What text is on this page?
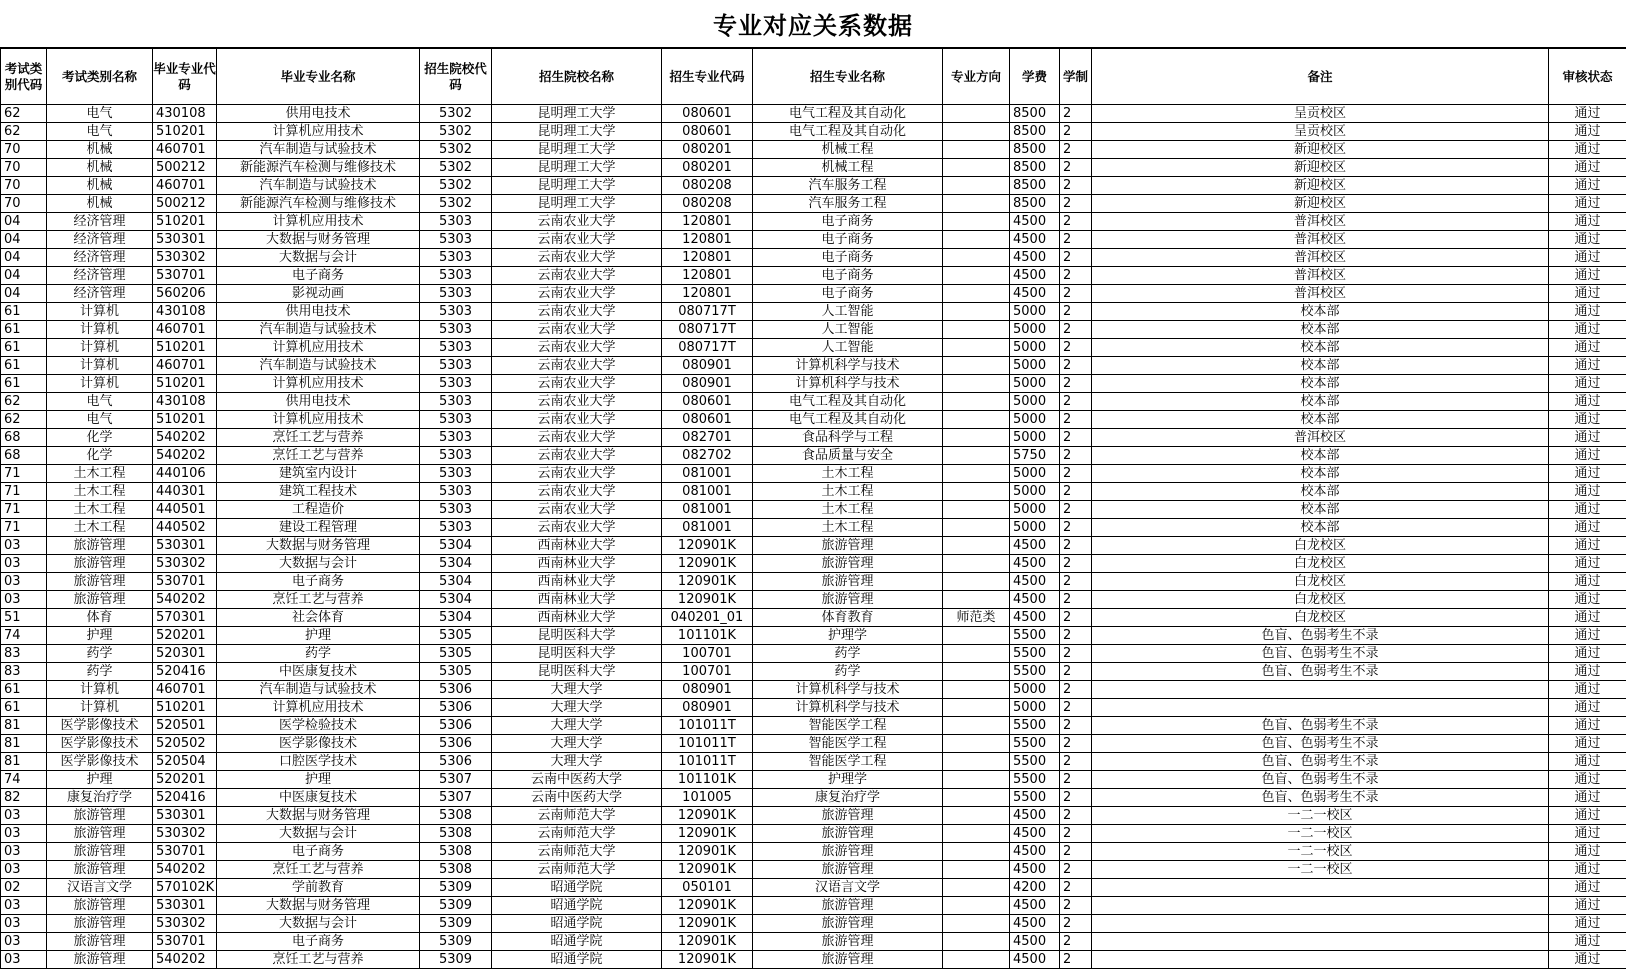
专业对应关系数据
考试类别代码	考试类别名称	毕业专业代码	毕业专业名称	招生院校代码	招生院校名称	招生专业代码	招生专业名称	专业方向	学费	学制	备注	审核状态
62	电气	430108	供用电技术	5302	昆明理工大学	080601	电气工程及其自动化		8500	2	呈贡校区	通过
62	电气	510201	计算机应用技术	5302	昆明理工大学	080601	电气工程及其自动化		8500	2	呈贡校区	通过
70	机械	460701	汽车制造与试验技术	5302	昆明理工大学	080201	机械工程		8500	2	新迎校区	通过
70	机械	500212	新能源汽车检测与维修技术	5302	昆明理工大学	080201	机械工程		8500	2	新迎校区	通过
70	机械	460701	汽车制造与试验技术	5302	昆明理工大学	080208	汽车服务工程		8500	2	新迎校区	通过
70	机械	500212	新能源汽车检测与维修技术	5302	昆明理工大学	080208	汽车服务工程		8500	2	新迎校区	通过
04	经济管理	510201	计算机应用技术	5303	云南农业大学	120801	电子商务		4500	2	普洱校区	通过
04	经济管理	530301	大数据与财务管理	5303	云南农业大学	120801	电子商务		4500	2	普洱校区	通过
04	经济管理	530302	大数据与会计	5303	云南农业大学	120801	电子商务		4500	2	普洱校区	通过
04	经济管理	530701	电子商务	5303	云南农业大学	120801	电子商务		4500	2	普洱校区	通过
04	经济管理	560206	影视动画	5303	云南农业大学	120801	电子商务		4500	2	普洱校区	通过
61	计算机	430108	供用电技术	5303	云南农业大学	080717T	人工智能		5000	2	校本部	通过
61	计算机	460701	汽车制造与试验技术	5303	云南农业大学	080717T	人工智能		5000	2	校本部	通过
61	计算机	510201	计算机应用技术	5303	云南农业大学	080717T	人工智能		5000	2	校本部	通过
61	计算机	460701	汽车制造与试验技术	5303	云南农业大学	080901	计算机科学与技术		5000	2	校本部	通过
61	计算机	510201	计算机应用技术	5303	云南农业大学	080901	计算机科学与技术		5000	2	校本部	通过
62	电气	430108	供用电技术	5303	云南农业大学	080601	电气工程及其自动化		5000	2	校本部	通过
62	电气	510201	计算机应用技术	5303	云南农业大学	080601	电气工程及其自动化		5000	2	校本部	通过
68	化学	540202	烹饪工艺与营养	5303	云南农业大学	082701	食品科学与工程		5000	2	普洱校区	通过
68	化学	540202	烹饪工艺与营养	5303	云南农业大学	082702	食品质量与安全		5750	2	校本部	通过
71	土木工程	440106	建筑室内设计	5303	云南农业大学	081001	土木工程		5000	2	校本部	通过
71	土木工程	440301	建筑工程技术	5303	云南农业大学	081001	土木工程		5000	2	校本部	通过
71	土木工程	440501	工程造价	5303	云南农业大学	081001	土木工程		5000	2	校本部	通过
71	土木工程	440502	建设工程管理	5303	云南农业大学	081001	土木工程		5000	2	校本部	通过
03	旅游管理	530301	大数据与财务管理	5304	西南林业大学	120901K	旅游管理		4500	2	白龙校区	通过
03	旅游管理	530302	大数据与会计	5304	西南林业大学	120901K	旅游管理		4500	2	白龙校区	通过
03	旅游管理	530701	电子商务	5304	西南林业大学	120901K	旅游管理		4500	2	白龙校区	通过
03	旅游管理	540202	烹饪工艺与营养	5304	西南林业大学	120901K	旅游管理		4500	2	白龙校区	通过
51	体育	570301	社会体育	5304	西南林业大学	040201_01	体育教育	师范类	4500	2	白龙校区	通过
74	护理	520201	护理	5305	昆明医科大学	101101K	护理学		5500	2	色盲、色弱考生不录	通过
83	药学	520301	药学	5305	昆明医科大学	100701	药学		5500	2	色盲、色弱考生不录	通过
83	药学	520416	中医康复技术	5305	昆明医科大学	100701	药学		5500	2	色盲、色弱考生不录	通过
61	计算机	460701	汽车制造与试验技术	5306	大理大学	080901	计算机科学与技术		5000	2		通过
61	计算机	510201	计算机应用技术	5306	大理大学	080901	计算机科学与技术		5000	2		通过
81	医学影像技术	520501	医学检验技术	5306	大理大学	101011T	智能医学工程		5500	2	色盲、色弱考生不录	通过
81	医学影像技术	520502	医学影像技术	5306	大理大学	101011T	智能医学工程		5500	2	色盲、色弱考生不录	通过
81	医学影像技术	520504	口腔医学技术	5306	大理大学	101011T	智能医学工程		5500	2	色盲、色弱考生不录	通过
74	护理	520201	护理	5307	云南中医药大学	101101K	护理学		5500	2	色盲、色弱考生不录	通过
82	康复治疗学	520416	中医康复技术	5307	云南中医药大学	101005	康复治疗学		5500	2	色盲、色弱考生不录	通过
03	旅游管理	530301	大数据与财务管理	5308	云南师范大学	120901K	旅游管理		4500	2	一二一校区	通过
03	旅游管理	530302	大数据与会计	5308	云南师范大学	120901K	旅游管理		4500	2	一二一校区	通过
03	旅游管理	530701	电子商务	5308	云南师范大学	120901K	旅游管理		4500	2	一二一校区	通过
03	旅游管理	540202	烹饪工艺与营养	5308	云南师范大学	120901K	旅游管理		4500	2	一二一校区	通过
02	汉语言文学	570102K	学前教育	5309	昭通学院	050101	汉语言文学		4200	2		通过
03	旅游管理	530301	大数据与财务管理	5309	昭通学院	120901K	旅游管理		4500	2		通过
03	旅游管理	530302	大数据与会计	5309	昭通学院	120901K	旅游管理		4500	2		通过
03	旅游管理	530701	电子商务	5309	昭通学院	120901K	旅游管理		4500	2		通过
03	旅游管理	540202	烹饪工艺与营养	5309	昭通学院	120901K	旅游管理		4500	2		通过
